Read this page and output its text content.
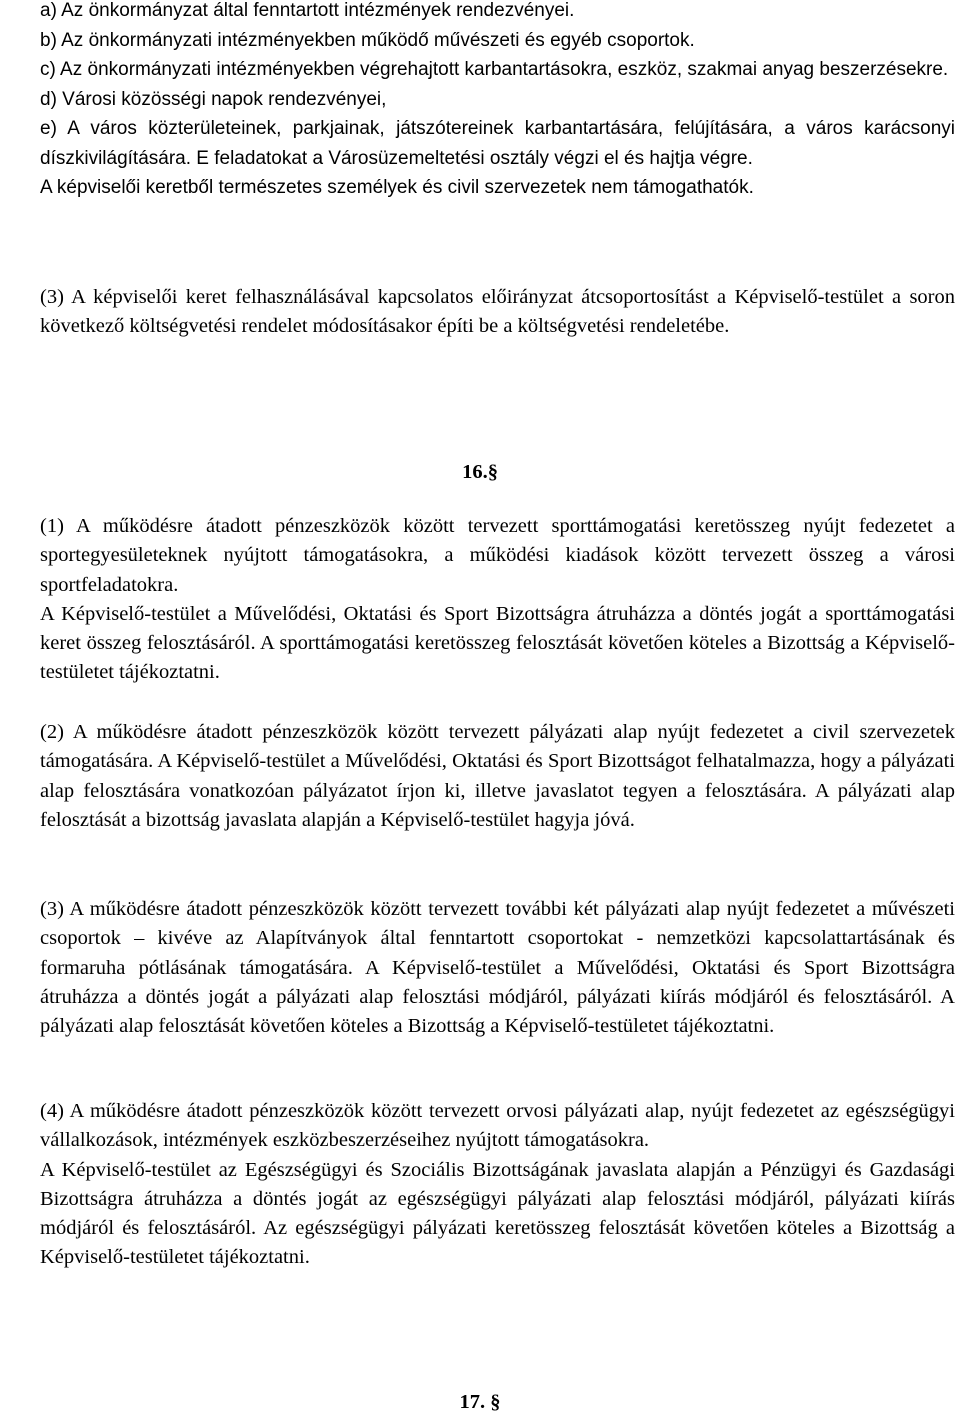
a) Az önkormányzat által fenntartott intézmények rendezvényei.

b) Az önkormányzati intézményekben működő művészeti és egyéb csoportok.

c) Az önkormányzati intézményekben végrehajtott karbantartásokra, eszköz, szakmai anyag beszerzésekre.

d) Városi közösségi napok rendezvényei,

e) A város közterületeinek, parkjainak, játszótereinek karbantartására, felújítására, a város karácsonyi díszkivilágítására. E feladatokat a Városüzemeltetési osztály végzi el és hajtja végre.

A képviselői keretből természetes személyek és civil szervezetek nem támogathatók.

(3) A képviselői keret felhasználásával kapcsolatos előirányzat átcsoportosítást a Képviselő-testület a soron következő költségvetési rendelet módosításakor építi be a költségvetési rendeletébe.

16.§

(1) A működésre átadott pénzeszközök között tervezett sporttámogatási keretösszeg nyújt fedezetet a sportegyesületeknek nyújtott támogatásokra, a működési kiadások között tervezett összeg a városi sportfeladatokra.

A Képviselő-testület a Művelődési, Oktatási és Sport Bizottságra átruházza a döntés jogát a sporttámogatási keret összeg felosztásáról. A sporttámogatási keretösszeg felosztását követően köteles a Bizottság a Képviselő-testületet tájékoztatni.

(2) A működésre átadott pénzeszközök között tervezett pályázati alap nyújt fedezetet a civil szervezetek támogatására. A Képviselő-testület a Művelődési, Oktatási és Sport Bizottságot felhatalmazza, hogy a pályázati alap felosztására vonatkozóan pályázatot írjon ki, illetve javaslatot tegyen a felosztására. A pályázati alap felosztását a bizottság javaslata alapján a Képviselő-testület hagyja jóvá.

(3) A működésre átadott pénzeszközök között tervezett további két pályázati alap nyújt fedezetet a művészeti csoportok – kivéve az Alapítványok által fenntartott csoportokat - nemzetközi kapcsolattartásának és formaruha pótlásának támogatására. A Képviselő-testület a Művelődési, Oktatási és Sport Bizottságra átruházza a döntés jogát a pályázati alap felosztási módjáról, pályázati kiírás módjáról és felosztásáról. A pályázati alap felosztását követően köteles a Bizottság a Képviselő-testületet tájékoztatni.

(4) A működésre átadott pénzeszközök között tervezett orvosi pályázati alap, nyújt fedezetet az egészségügyi vállalkozások, intézmények eszközbeszerzéseihez nyújtott támogatásokra.

A Képviselő-testület az Egészségügyi és Szociális Bizottságának javaslata alapján a Pénzügyi és Gazdasági Bizottságra átruházza a döntés jogát az egészségügyi pályázati alap felosztási módjáról, pályázati kiírás módjáról és felosztásáról. Az egészségügyi pályázati keretösszeg felosztását követően köteles a Bizottság a Képviselő-testületet tájékoztatni.

17. §
